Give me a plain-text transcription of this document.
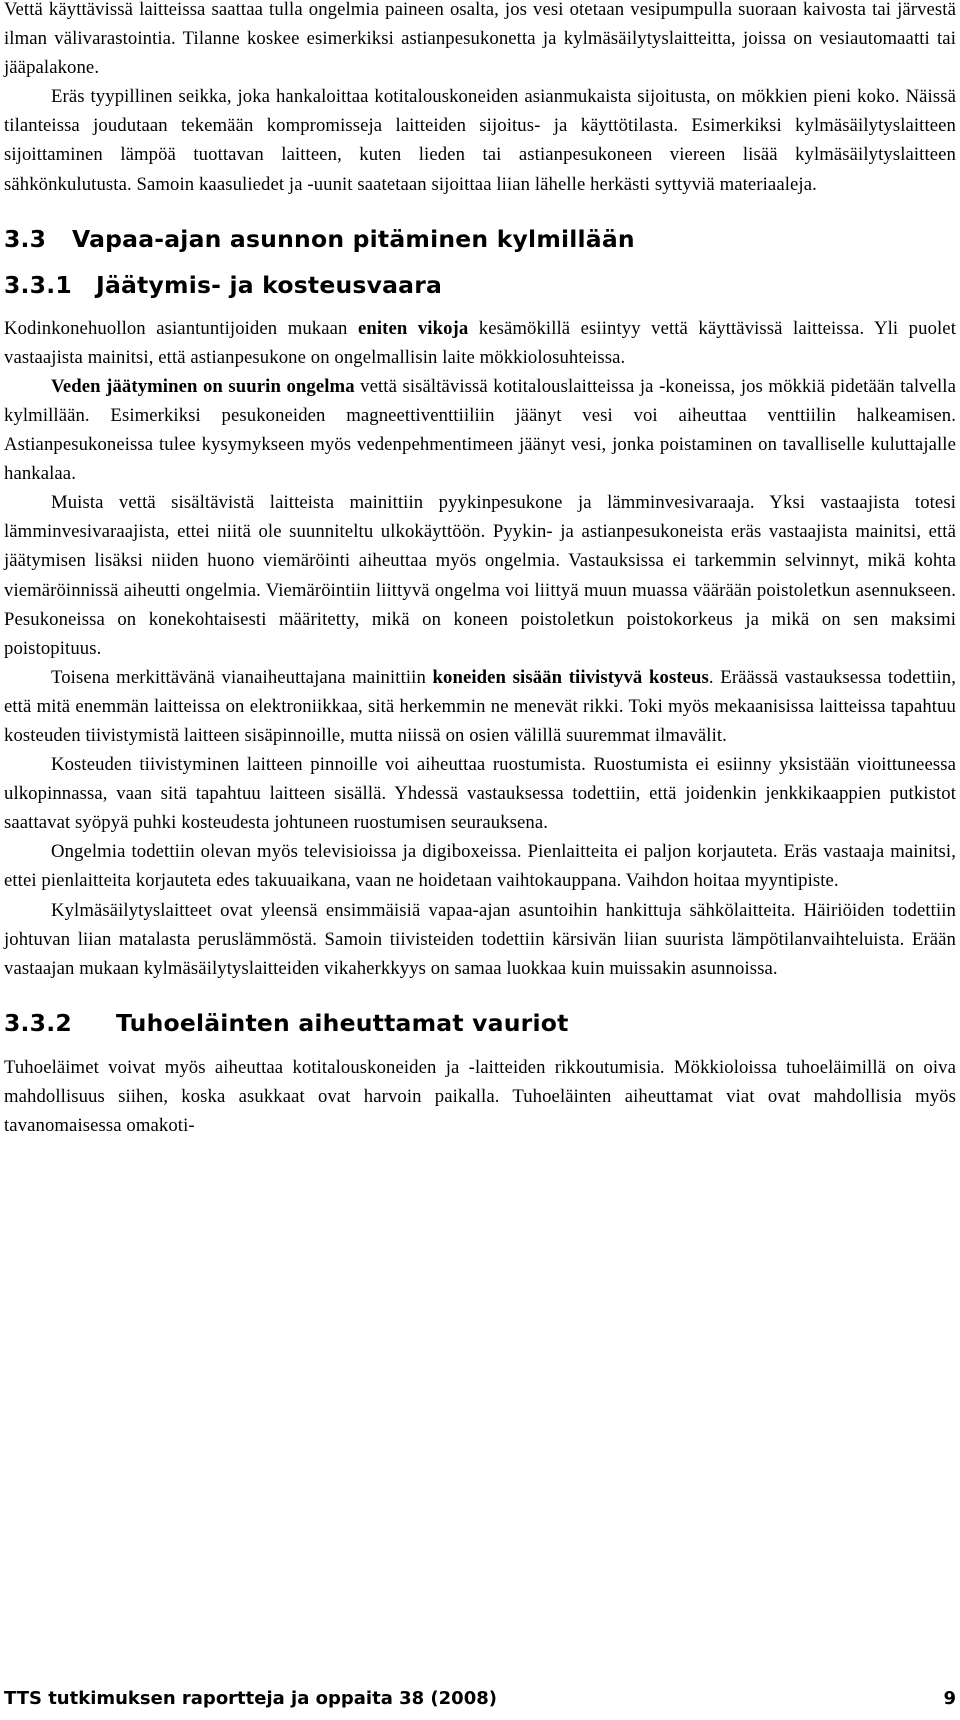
Vettä käyttävissä laitteissa saattaa tulla ongelmia paineen osalta, jos vesi otetaan vesipumpulla suoraan kaivosta tai järvestä ilman välivarastointia. Tilanne koskee esimerkiksi astianpesukonetta ja kylmäsäilytyslaitteitta, joissa on vesiautomaatti tai jääpalakone.

Eräs tyypillinen seikka, joka hankaloittaa kotitalouskoneiden asianmukaista sijoitusta, on mökkien pieni koko. Näissä tilanteissa joudutaan tekemään kompromisseja laitteiden sijoitus- ja käyttötilasta. Esimerkiksi kylmäsäilytyslaitteen sijoittaminen lämpöä tuottavan laitteen, kuten lieden tai astianpesukoneen viereen lisää kylmäsäilytyslaitteen sähkönkulutusta. Samoin kaasuliedet ja -uunit saatetaan sijoittaa liian lähelle herkästi syttyviä materiaaleja.

3.3 Vapaa-ajan asunnon pitäminen kylmillään
3.3.1 Jäätymis- ja kosteusvaara

Kodinkonehuollon asiantuntijoiden mukaan eniten vikoja kesämökillä esiintyy vettä käyttävissä laitteissa. Yli puolet vastaajista mainitsi, että astianpesukone on ongelmallisin laite mökkiolosuhteissa.

Veden jäätyminen on suurin ongelma vettä sisältävissä kotitalouslaitteissa ja -koneissa, jos mökkiä pidetään talvella kylmillään. Esimerkiksi pesukoneiden magneettiventtiiliin jäänyt vesi voi aiheuttaa venttiilin halkeamisen. Astianpesukoneissa tulee kysymykseen myös vedenpehmentimeen jäänyt vesi, jonka poistaminen on tavalliselle kuluttajalle hankalaa.

Muista vettä sisältävistä laitteista mainittiin pyykinpesukone ja lämminvesivaraaja. Yksi vastaajista totesi lämminvesivaraajista, ettei niitä ole suunniteltu ulkokäyttöön. Pyykin- ja astianpesukoneista eräs vastaajista mainitsi, että jäätymisen lisäksi niiden huono viemäröinti aiheuttaa myös ongelmia. Vastauksissa ei tarkemmin selvinnyt, mikä kohta viemäröinnissä aiheutti ongelmia. Viemäröintiin liittyvä ongelma voi liittyä muun muassa väärään poistoletkun asennukseen. Pesukoneissa on konekohtaisesti määritetty, mikä on koneen poistoletkun poistokorkeus ja mikä on sen maksimi poistopituus.

Toisena merkittävänä vianaiheuttajana mainittiin koneiden sisään tiivistyvä kosteus. Eräässä vastauksessa todettiin, että mitä enemmän laitteissa on elektroniikkaa, sitä herkemmin ne menevät rikki. Toki myös mekaanisissa laitteissa tapahtuu kosteuden tiivistymistä laitteen sisäpinnoille, mutta niissä on osien välillä suuremmat ilmavälit.

Kosteuden tiivistyminen laitteen pinnoille voi aiheuttaa ruostumista. Ruostumista ei esiinny yksistään vioittuneessa ulkopinnassa, vaan sitä tapahtuu laitteen sisällä. Yhdessä vastauksessa todettiin, että joidenkin jenkkikaappien putkistot saattavat syöpyä puhki kosteudesta johtuneen ruostumisen seurauksena.

Ongelmia todettiin olevan myös televisioissa ja digiboxeissa. Pienlaitteita ei paljon korjauteta. Eräs vastaaja mainitsi, ettei pienlaitteita korjauteta edes takuuaikana, vaan ne hoidetaan vaihtokauppana. Vaihdon hoitaa myyntipiste.

Kylmäsäilytyslaitteet ovat yleensä ensimmäisiä vapaa-ajan asuntoihin hankittuja sähkölaitteita. Häiriöiden todettiin johtuvan liian matalasta peruslämmöstä. Samoin tiivisteiden todettiin kärsivän liian suurista lämpötilanvaihteluista. Erään vastaajan mukaan kylmäsäilytyslaitteiden vikaherkkyys on samaa luokkaa kuin muissakin asunnoissa.

3.3.2 Tuhoeläinten aiheuttamat vauriot

Tuhoeläimet voivat myös aiheuttaa kotitalouskoneiden ja -laitteiden rikkoutumisia. Mökkioloissa tuhoeläimillä on oiva mahdollisuus siihen, koska asukkaat ovat harvoin paikalla. Tuhoeläinten aiheuttamat viat ovat mahdollisia myös tavanomaisessa omakoti-

TTS tutkimuksen raportteja ja oppaita 38 (2008)	9
